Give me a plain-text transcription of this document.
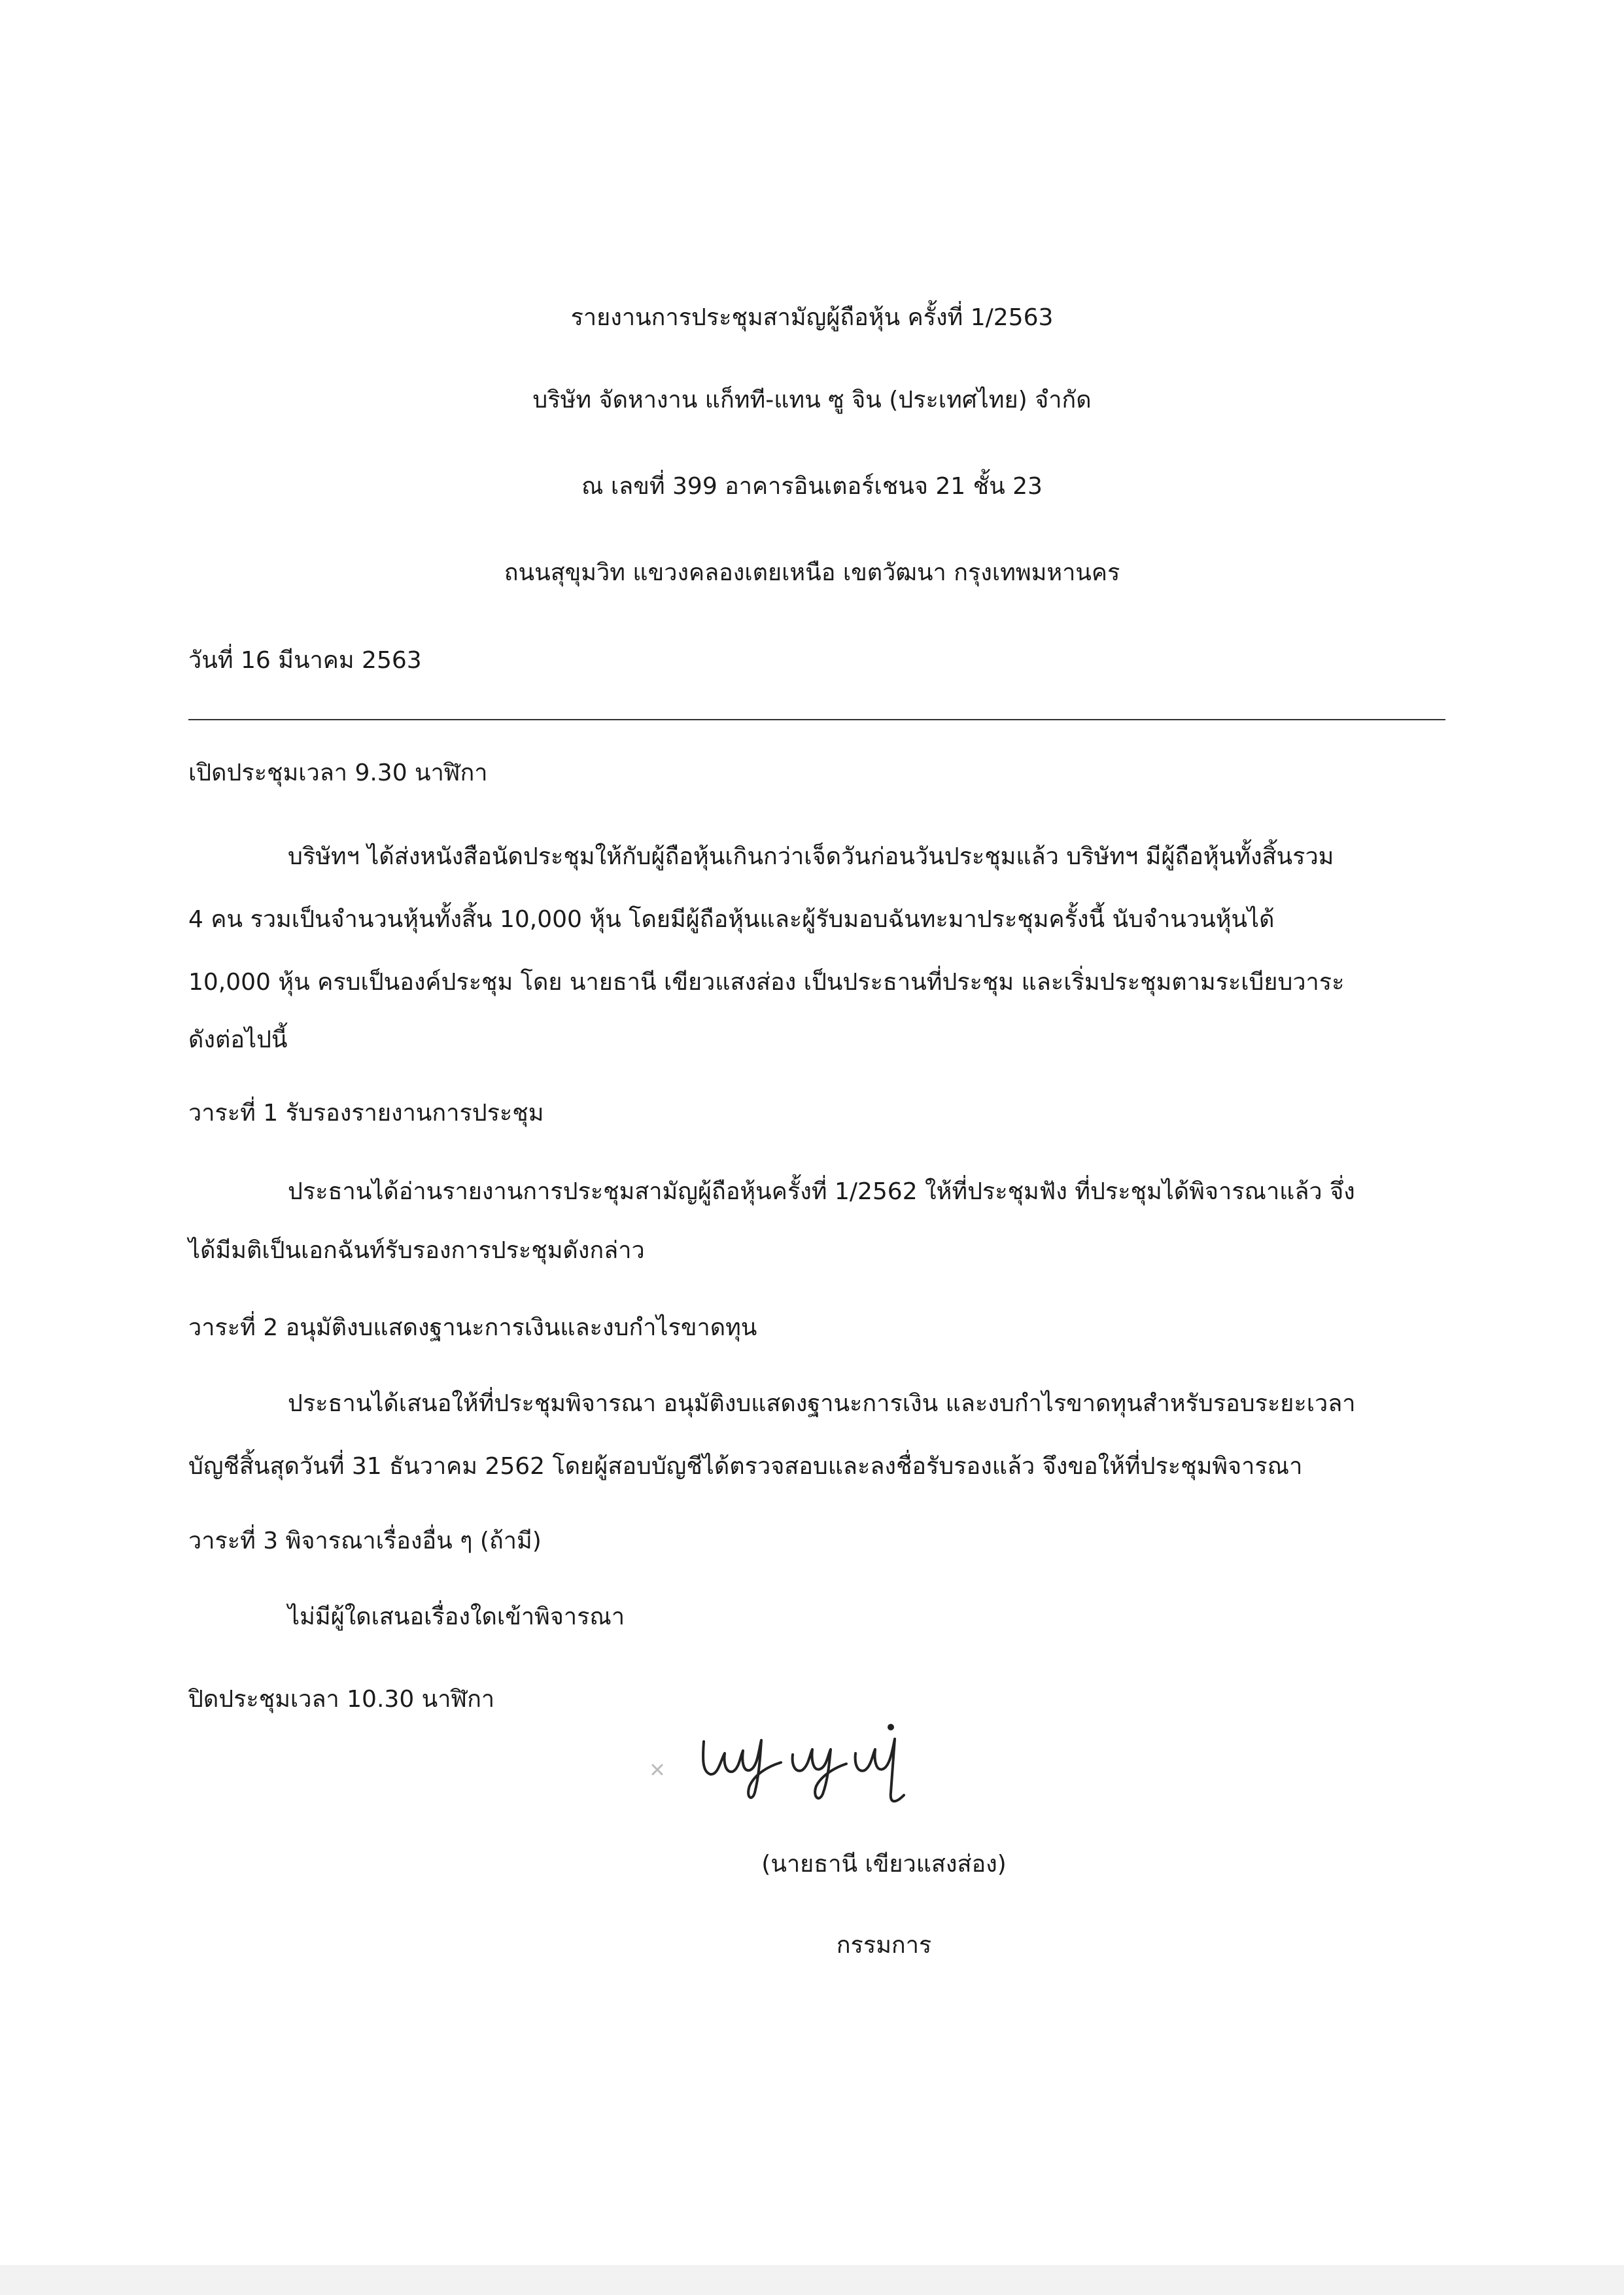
รายงานการประชุมสามัญผู้ถือหุ้น ครั้งที่ 1/2563

บริษัท จัดหางาน แก็ทที-แทน ซู จิน (ประเทศไทย) จำกัด

ณ เลขที่ 399 อาคารอินเตอร์เชนจ 21 ชั้น 23

ถนนสุขุมวิท แขวงคลองเตยเหนือ เขตวัฒนา กรุงเทพมหานคร

วันที่ 16 มีนาคม 2563

เปิดประชุมเวลา 9.30 นาฬิกา

บริษัทฯ ได้ส่งหนังสือนัดประชุมให้กับผู้ถือหุ้นเกินกว่าเจ็ดวันก่อนวันประชุมแล้ว บริษัทฯ มีผู้ถือหุ้นทั้งสิ้นรวม

4 คน รวมเป็นจำนวนหุ้นทั้งสิ้น 10,000 หุ้น โดยมีผู้ถือหุ้นและผู้รับมอบฉันทะมาประชุมครั้งนี้ นับจำนวนหุ้นได้

10,000 หุ้น ครบเป็นองค์ประชุม โดย นายธานี เขียวแสงส่อง เป็นประธานที่ประชุม และเริ่มประชุมตามระเบียบวาระ

ดังต่อไปนี้

วาระที่ 1 รับรองรายงานการประชุม

ประธานได้อ่านรายงานการประชุมสามัญผู้ถือหุ้นครั้งที่ 1/2562 ให้ที่ประชุมฟัง ที่ประชุมได้พิจารณาแล้ว จึ่ง

ได้มีมติเป็นเอกฉันท์รับรองการประชุมดังกล่าว

วาระที่ 2 อนุมัติงบแสดงฐานะการเงินและงบกำไรขาดทุน

ประธานได้เสนอให้ที่ประชุมพิจารณา อนุมัติงบแสดงฐานะการเงิน และงบกำไรขาดทุนสำหรับรอบระยะเวลา

บัญชีสิ้นสุดวันที่ 31 ธันวาคม 2562 โดยผู้สอบบัญชีได้ตรวจสอบและลงชื่อรับรองแล้ว จึงขอให้ที่ประชุมพิจารณา

วาระที่ 3 พิจารณาเรื่องอื่น ๆ (ถ้ามี)

ไม่มีผู้ใดเสนอเรื่องใดเข้าพิจารณา

ปิดประชุมเวลา 10.30 นาฬิกา

(นายธานี เขียวแสงส่อง)

กรรมการ
